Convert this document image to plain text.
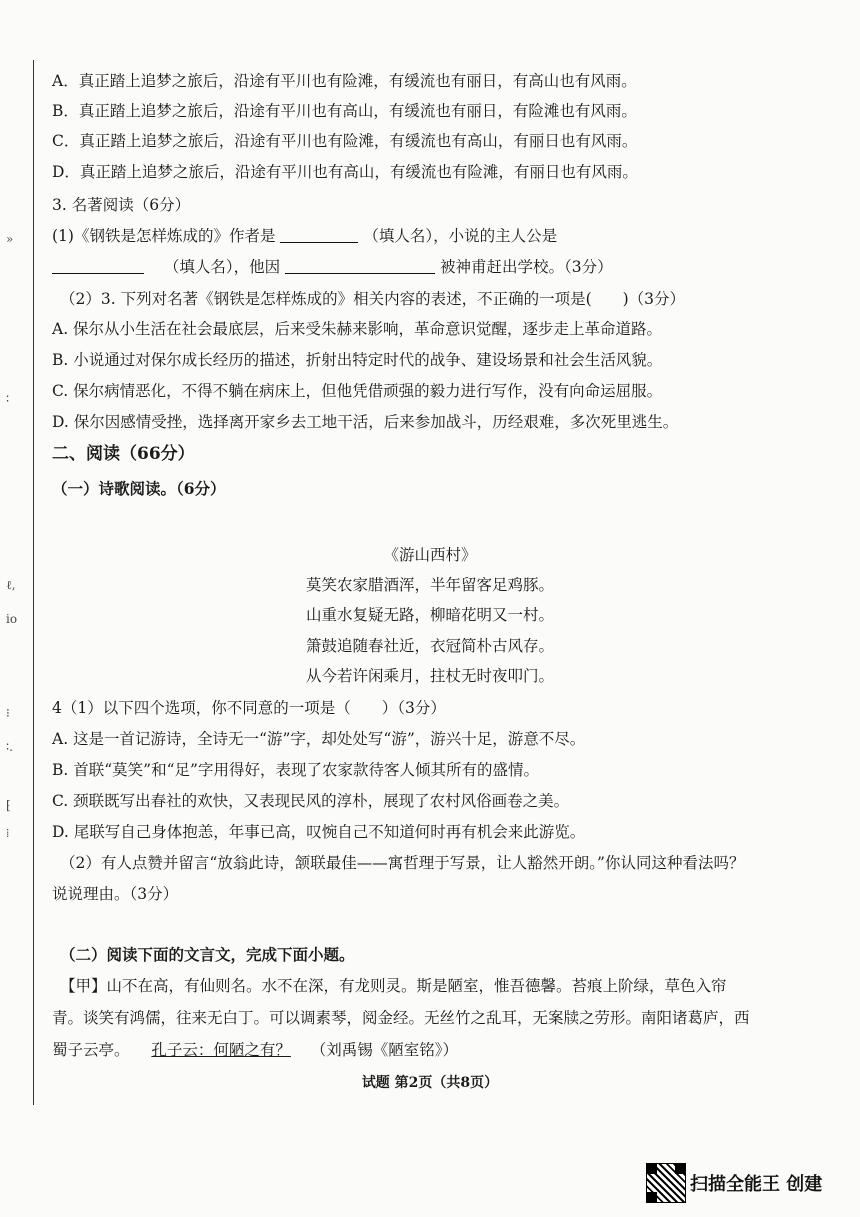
»
∶
ℓ,
io
⁝
∶.
⁅
⁞
A．真正踏上追梦之旅后，沿途有平川也有险滩，有缓流也有丽日，有高山也有风雨。
B．真正踏上追梦之旅后，沿途有平川也有高山，有缓流也有丽日，有险滩也有风雨。
C．真正踏上追梦之旅后，沿途有平川也有险滩，有缓流也有高山，有丽日也有风雨。
D．真正踏上追梦之旅后，沿途有平川也有高山，有缓流也有险滩，有丽日也有风雨。
3. 名著阅读（6分）
(1)《钢铁是怎样炼成的》作者是	（填人名），小说的主人公是
（填人名），他因	被神甫赶出学校。（3分）
（2）3. 下列对名著《钢铁是怎样炼成的》相关内容的表述，不正确的一项是(　　)（3分）
A. 保尔从小生活在社会最底层，后来受朱赫来影响，革命意识觉醒，逐步走上革命道路。
B. 小说通过对保尔成长经历的描述，折射出特定时代的战争、建设场景和社会生活风貌。
C. 保尔病情恶化，不得不躺在病床上，但他凭借顽强的毅力进行写作，没有向命运屈服。
D. 保尔因感情受挫，选择离开家乡去工地干活，后来参加战斗，历经艰难，多次死里逃生。
二、阅读（66分）
（一）诗歌阅读。（6分）
《游山西村》
莫笑农家腊酒浑，半年留客足鸡豚。
山重水复疑无路，柳暗花明又一村。
箫鼓追随春社近，衣冠简朴古风存。
从今若许闲乘月，拄杖无时夜叩门。
4（1）以下四个选项，你不同意的一项是（　　）（3分）
A. 这是一首记游诗，全诗无一“游”字，却处处写“游”，游兴十足，游意不尽。
B. 首联“莫笑”和“足”字用得好，表现了农家款待客人倾其所有的盛情。
C. 颈联既写出春社的欢快，又表现民风的淳朴，展现了农村风俗画卷之美。
D. 尾联写自己身体抱恙，年事已高，叹惋自己不知道何时再有机会来此游览。
（2）有人点赞并留言“放翁此诗，颔联最佳——寓哲理于写景，让人豁然开朗。”你认同这种看法吗？
说说理由。（3分）
（二）阅读下面的文言文，完成下面小题。
【甲】山不在高，有仙则名。水不在深，有龙则灵。斯是陋室，惟吾德馨。苔痕上阶绿，草色入帘
青。谈笑有鸿儒，往来无白丁。可以调素琴，阅金经。无丝竹之乱耳，无案牍之劳形。南阳诸葛庐，西
蜀子云亭。 孔子云：何陋之有？ （刘禹锡《陋室铭》）
试题 第2页（共8页）
扫描全能王 创建
